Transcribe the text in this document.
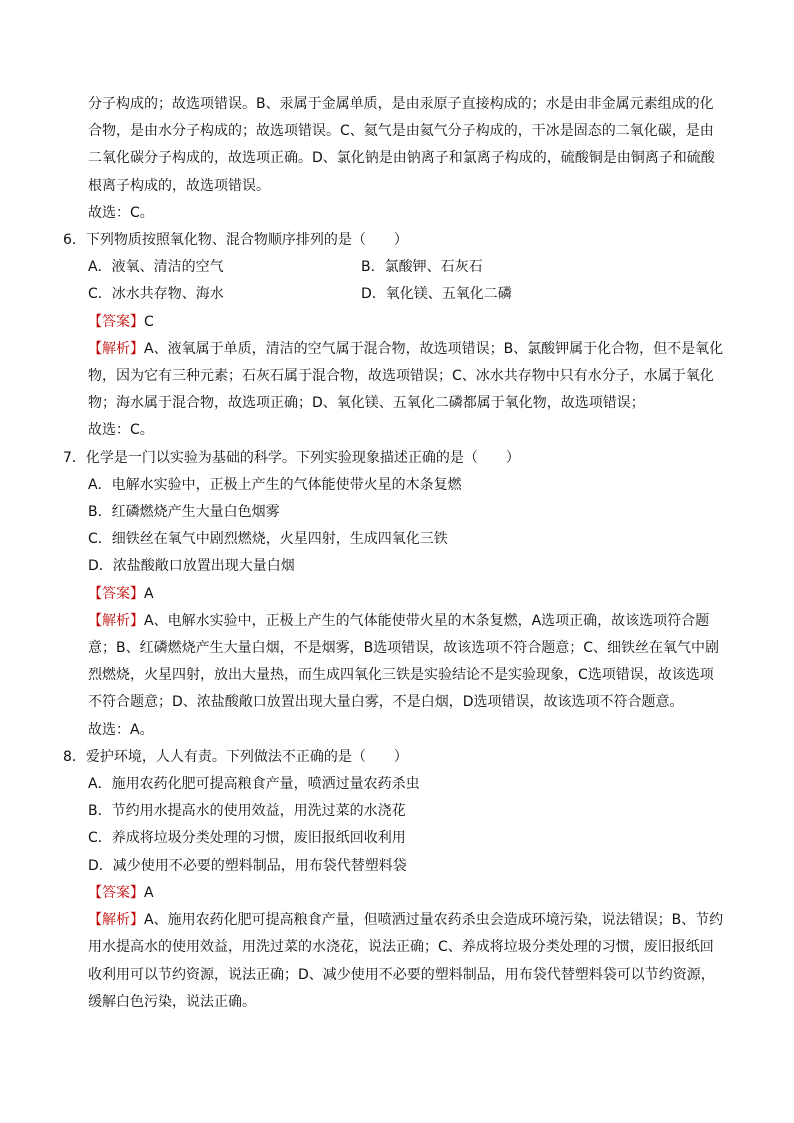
分子构成的；故选项错误。B、汞属于金属单质，是由汞原子直接构成的；水是由非金属元素组成的化

合物，是由水分子构成的；故选项错误。C、氦气是由氦气分子构成的，干冰是固态的二氧化碳，是由

二氧化碳分子构成的，故选项正确。D、氯化钠是由钠离子和氯离子构成的，硫酸铜是由铜离子和硫酸

根离子构成的，故选项错误。

故选：C。

6．下列物质按照氧化物、混合物顺序排列的是（　　）

A．液氧、清洁的空气	B．氯酸钾、石灰石
C．冰水共存物、海水	D．氧化镁、五氧化二磷

【答案】C

【解析】A、液氧属于单质，清洁的空气属于混合物，故选项错误；B、氯酸钾属于化合物，但不是氧化

物，因为它有三种元素；石灰石属于混合物，故选项错误；C、冰水共存物中只有水分子，水属于氧化

物；海水属于混合物，故选项正确；D、氧化镁、五氧化二磷都属于氧化物，故选项错误；

故选：C。

7．化学是一门以实验为基础的科学。下列实验现象描述正确的是（　　）

A．电解水实验中，正极上产生的气体能使带火星的木条复燃

B．红磷燃烧产生大量白色烟雾

C．细铁丝在氧气中剧烈燃烧，火星四射，生成四氧化三铁

D．浓盐酸敞口放置出现大量白烟

【答案】A

【解析】A、电解水实验中，正极上产生的气体能使带火星的木条复燃，A选项正确，故该选项符合题

意；B、红磷燃烧产生大量白烟，不是烟雾，B选项错误，故该选项不符合题意；C、细铁丝在氧气中剧

烈燃烧，火星四射，放出大量热，而生成四氧化三铁是实验结论不是实验现象，C选项错误，故该选项

不符合题意；D、浓盐酸敞口放置出现大量白雾，不是白烟，D选项错误，故该选项不符合题意。

故选：A。

8．爱护环境，人人有责。下列做法不正确的是（　　）

A．施用农药化肥可提高粮食产量，喷洒过量农药杀虫

B．节约用水提高水的使用效益，用洗过菜的水浇花

C．养成将垃圾分类处理的习惯，废旧报纸回收利用

D．减少使用不必要的塑料制品，用布袋代替塑料袋

【答案】A

【解析】A、施用农药化肥可提高粮食产量，但喷洒过量农药杀虫会造成环境污染，说法错误；B、节约

用水提高水的使用效益，用洗过菜的水浇花，说法正确；C、养成将垃圾分类处理的习惯，废旧报纸回

收利用可以节约资源，说法正确；D、减少使用不必要的塑料制品，用布袋代替塑料袋可以节约资源，

缓解白色污染，说法正确。
